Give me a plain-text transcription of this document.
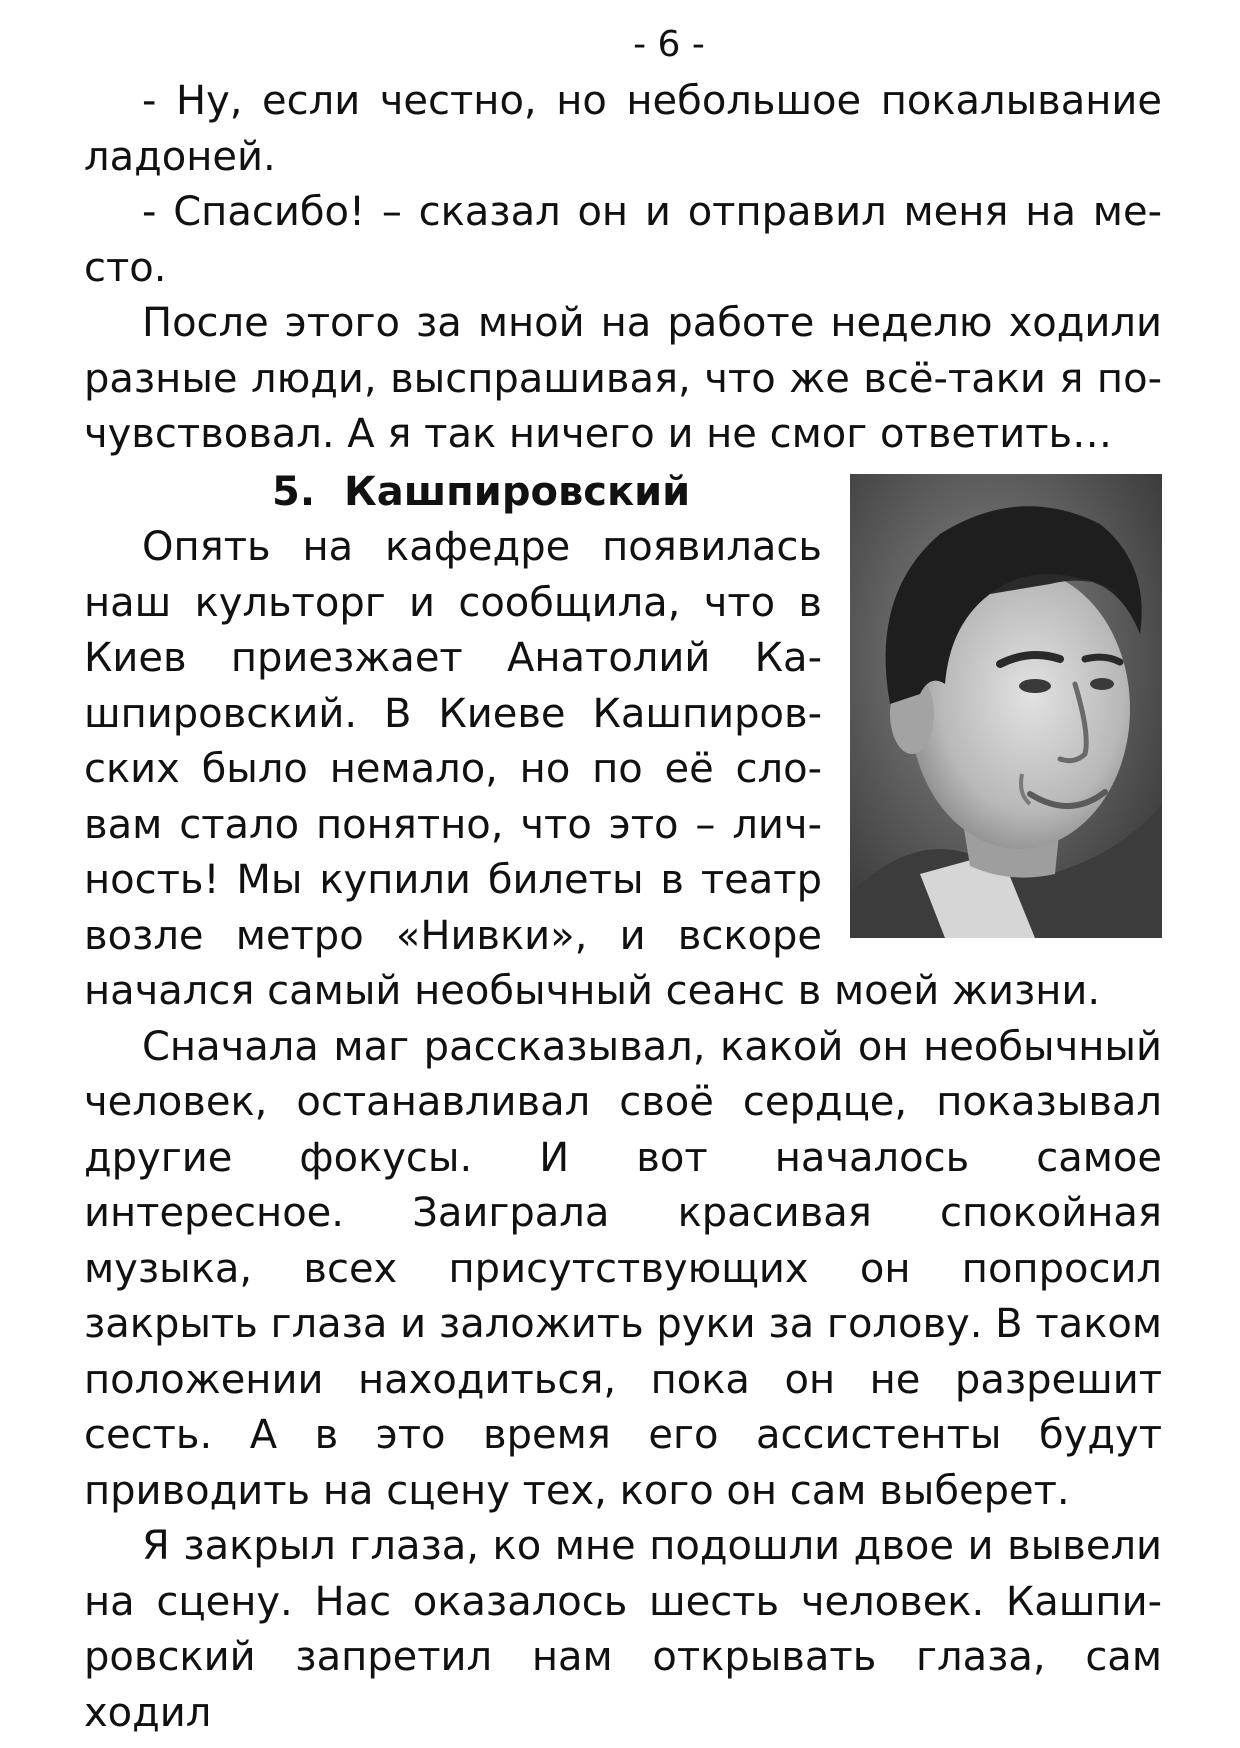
- 6 -

- Ну, если честно, но небольшое покалывание ладоней.

- Спасибо! – сказал он и отправил меня на место.

После этого за мной на работе неделю ходили разные люди, выспрашивая, что же всё-таки я почувствовал. А я так ничего и не смог ответить…

5. Кашпировский

Опять на кафедре появилась наш культорг и сообщила, что в Киев приезжает Анатолий Кашпировский. В Киеве Кашпировских было немало, но по её словам стало понятно, что это – личность! Мы купили билеты в театр возле метро «Нивки», и вскоре начался самый необычный сеанс в моей жизни.

Сначала маг рассказывал, какой он необычный человек, останавливал своё сердце, показывал другие фокусы. И вот началось самое интересное. Заиграла красивая спокойная музыка, всех присутствующих он попросил закрыть глаза и заложить руки за голову. В таком положении находиться, пока он не разрешит сесть. А в это время его ассистенты будут приводить на сцену тех, кого он сам выберет.

Я закрыл глаза, ко мне подошли двое и вывели на сцену. Нас оказалось шесть человек. Кашпировский запретил нам открывать глаза, сам ходил
